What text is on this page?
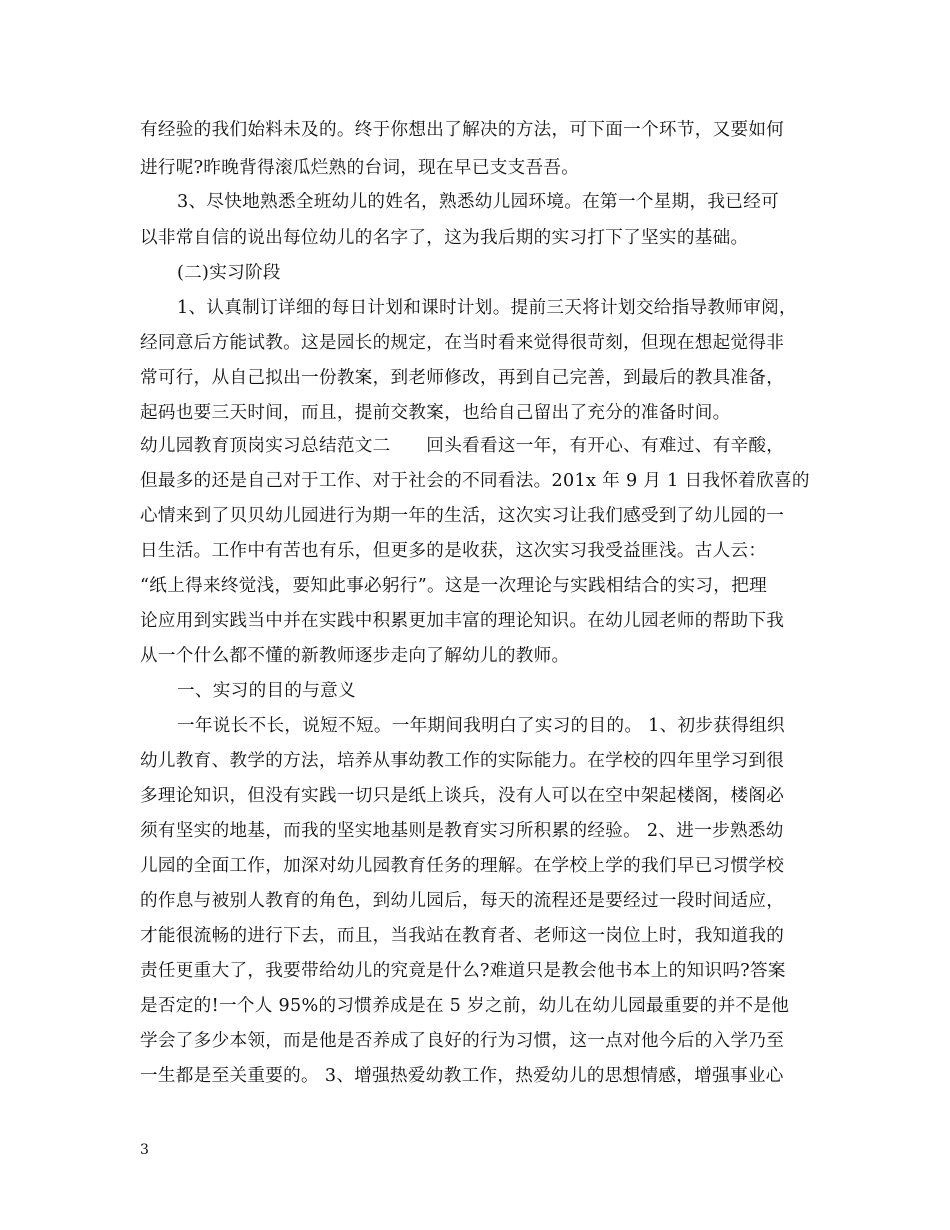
有经验的我们始料未及的。终于你想出了解决的方法，可下面一个环节，又要如何
进行呢?昨晚背得滚瓜烂熟的台词，现在早已支支吾吾。
3、尽快地熟悉全班幼儿的姓名，熟悉幼儿园环境。在第一个星期，我已经可
以非常自信的说出每位幼儿的名字了，这为我后期的实习打下了坚实的基础。
(二)实习阶段
1、认真制订详细的每日计划和课时计划。提前三天将计划交给指导教师审阅，
经同意后方能试教。这是园长的规定，在当时看来觉得很苛刻，但现在想起觉得非
常可行，从自己拟出一份教案，到老师修改，再到自己完善，到最后的教具准备，
起码也要三天时间，而且，提前交教案，也给自己留出了充分的准备时间。
幼儿园教育顶岗实习总结范文二　　回头看看这一年，有开心、有难过、有辛酸，
但最多的还是自己对于工作、对于社会的不同看法。201x 年 9 月 1 日我怀着欣喜的
心情来到了贝贝幼儿园进行为期一年的生活，这次实习让我们感受到了幼儿园的一
日生活。工作中有苦也有乐，但更多的是收获，这次实习我受益匪浅。古人云：
“纸上得来终觉浅，要知此事必躬行”。这是一次理论与实践相结合的实习，把理
论应用到实践当中并在实践中积累更加丰富的理论知识。在幼儿园老师的帮助下我
从一个什么都不懂的新教师逐步走向了解幼儿的教师。
一、实习的目的与意义
一年说长不长，说短不短。一年期间我明白了实习的目的。 1、初步获得组织
幼儿教育、教学的方法，培养从事幼教工作的实际能力。在学校的四年里学习到很
多理论知识，但没有实践一切只是纸上谈兵，没有人可以在空中架起楼阁，楼阁必
须有坚实的地基，而我的坚实地基则是教育实习所积累的经验。 2、进一步熟悉幼
儿园的全面工作，加深对幼儿园教育任务的理解。在学校上学的我们早已习惯学校
的作息与被别人教育的角色，到幼儿园后，每天的流程还是要经过一段时间适应，
才能很流畅的进行下去，而且，当我站在教育者、老师这一岗位上时，我知道我的
责任更重大了，我要带给幼儿的究竟是什么?难道只是教会他书本上的知识吗?答案
是否定的!一个人 95%的习惯养成是在 5 岁之前，幼儿在幼儿园最重要的并不是他
学会了多少本领，而是他是否养成了良好的行为习惯，这一点对他今后的入学乃至
一生都是至关重要的。 3、增强热爱幼教工作，热爱幼儿的思想情感，增强事业心
3
